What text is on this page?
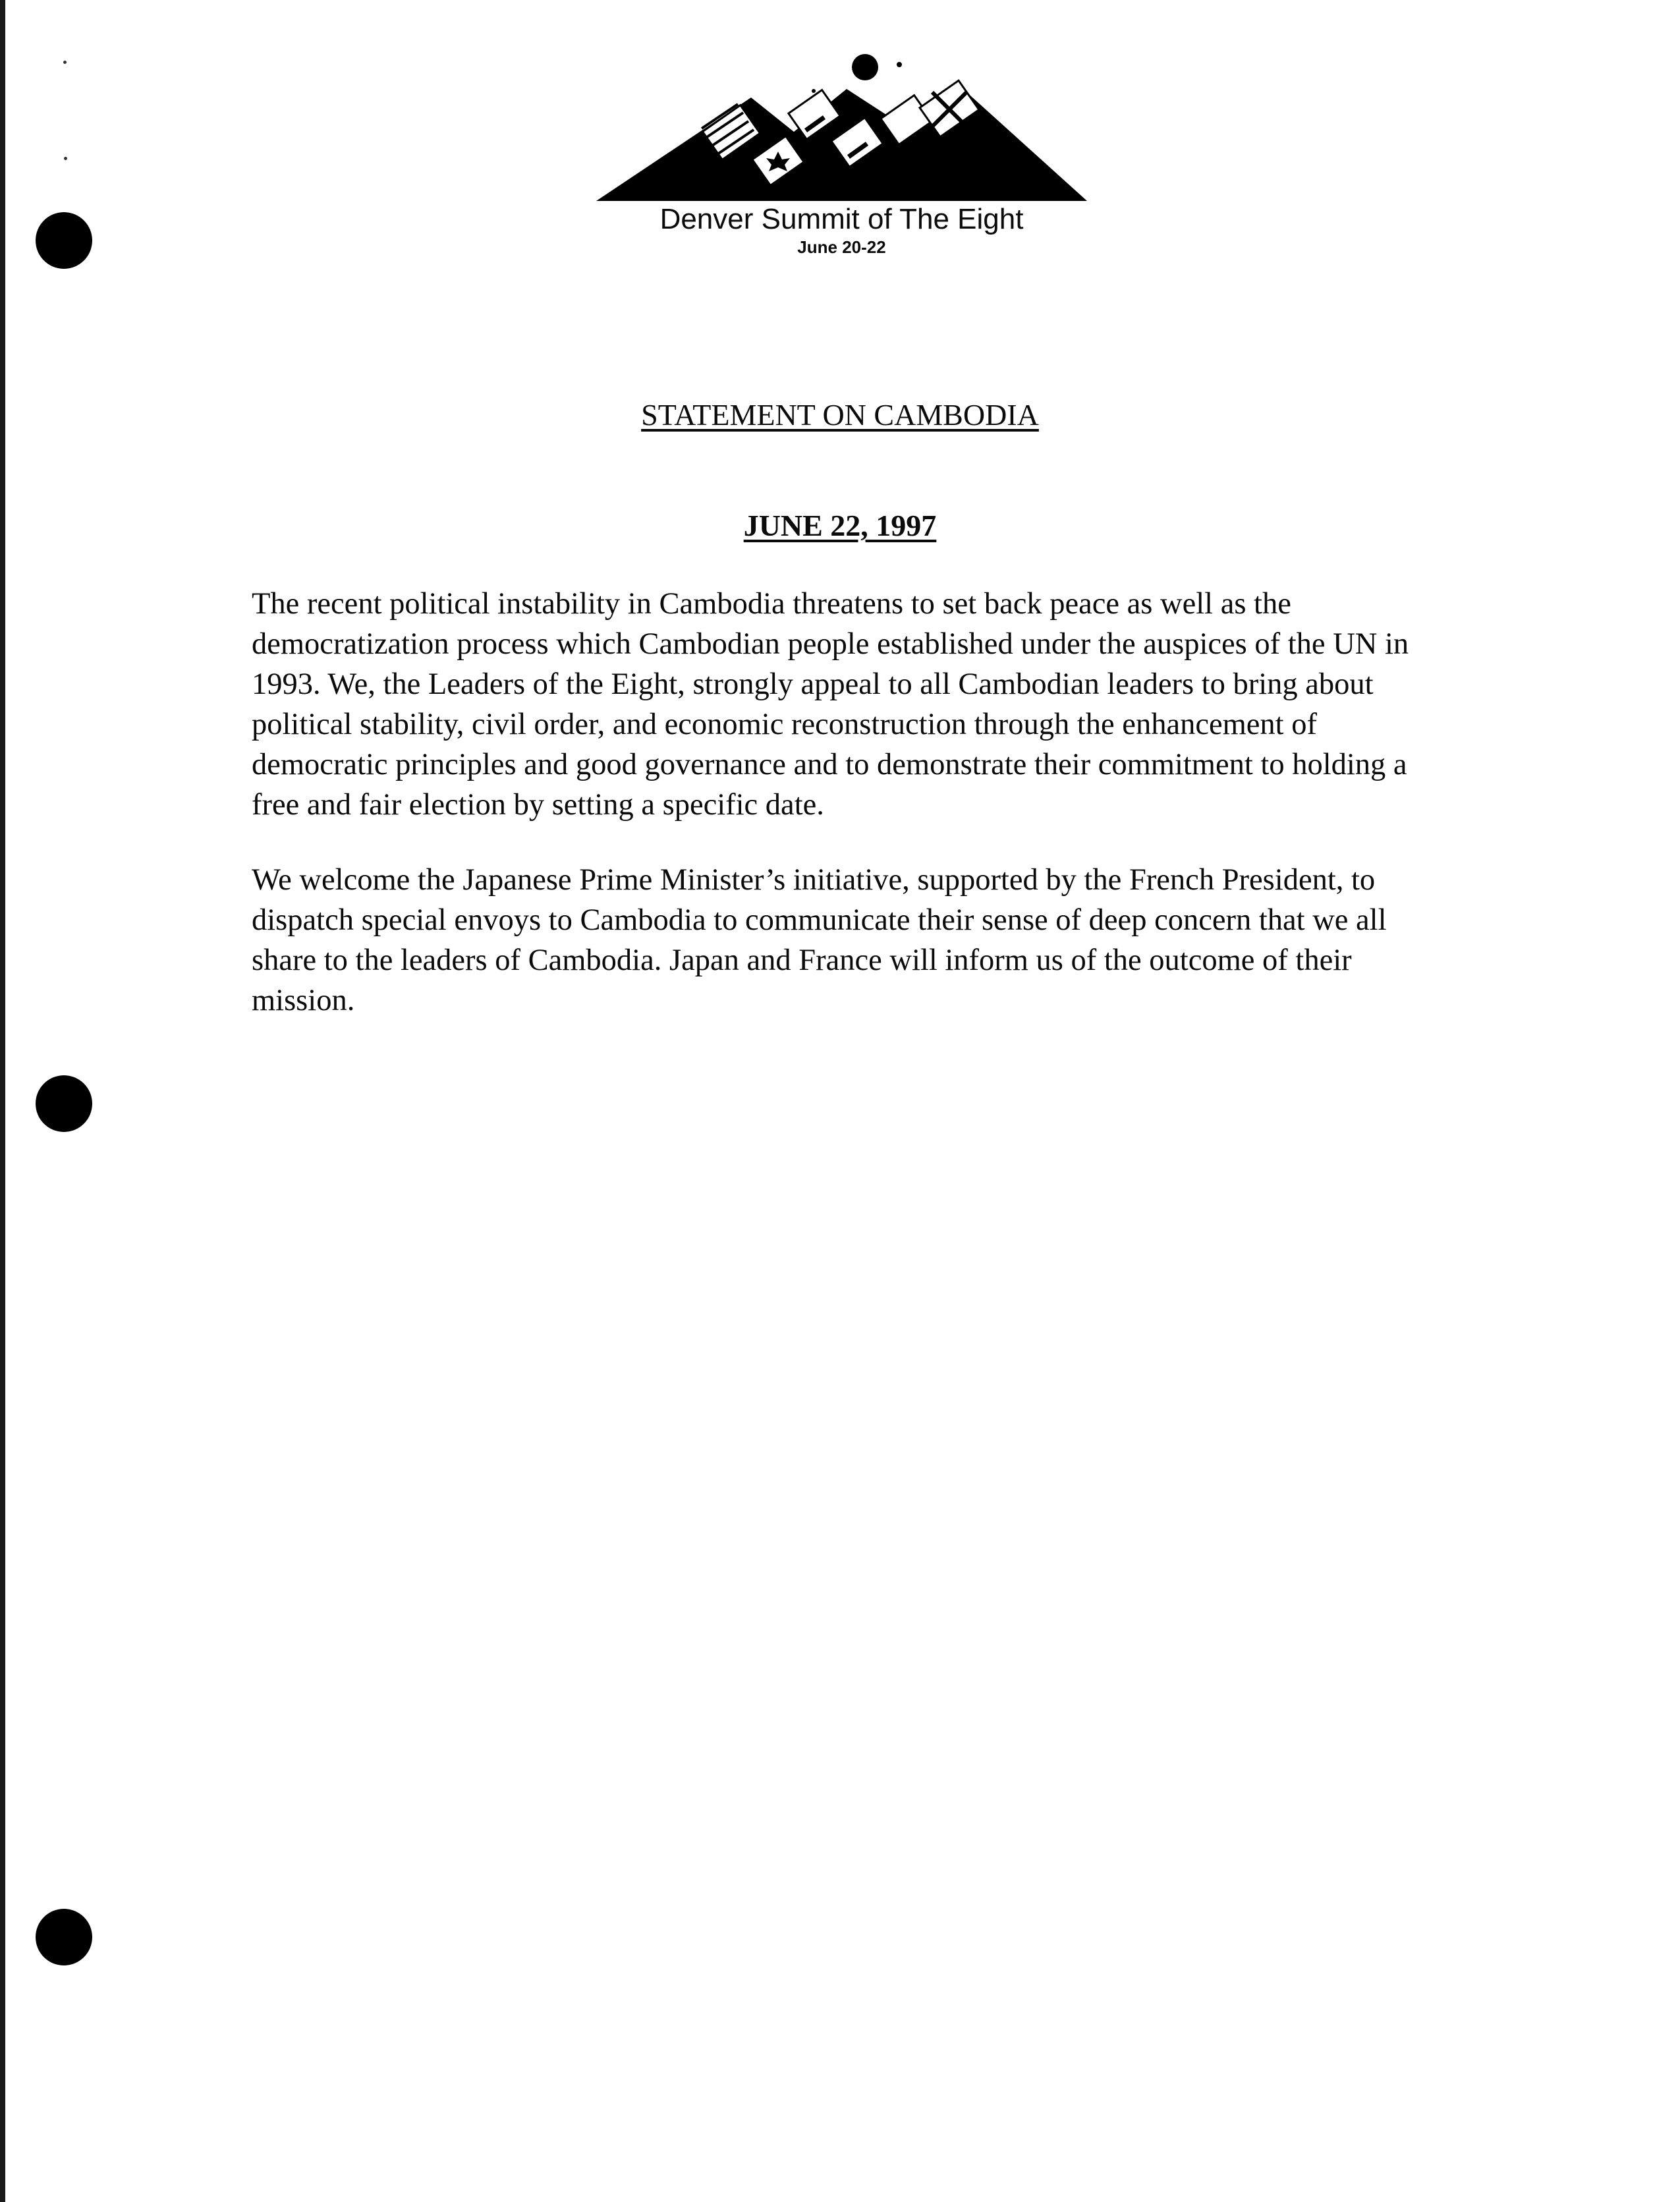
Denver Summit of The Eight
June 20-22
STATEMENT ON CAMBODIA
JUNE 22, 1997

The recent political instability in Cambodia threatens to set back peace as well as the democratization process which Cambodian people established under the auspices of the UN in 1993. We, the Leaders of the Eight, strongly appeal to all Cambodian leaders to bring about political stability, civil order, and economic reconstruction through the enhancement of democratic principles and good governance and to demonstrate their commitment to holding a free and fair election by setting a specific date.

We welcome the Japanese Prime Minister’s initiative, supported by the French President, to dispatch special envoys to Cambodia to communicate their sense of deep concern that we all share to the leaders of Cambodia. Japan and France will inform us of the outcome of their mission.
